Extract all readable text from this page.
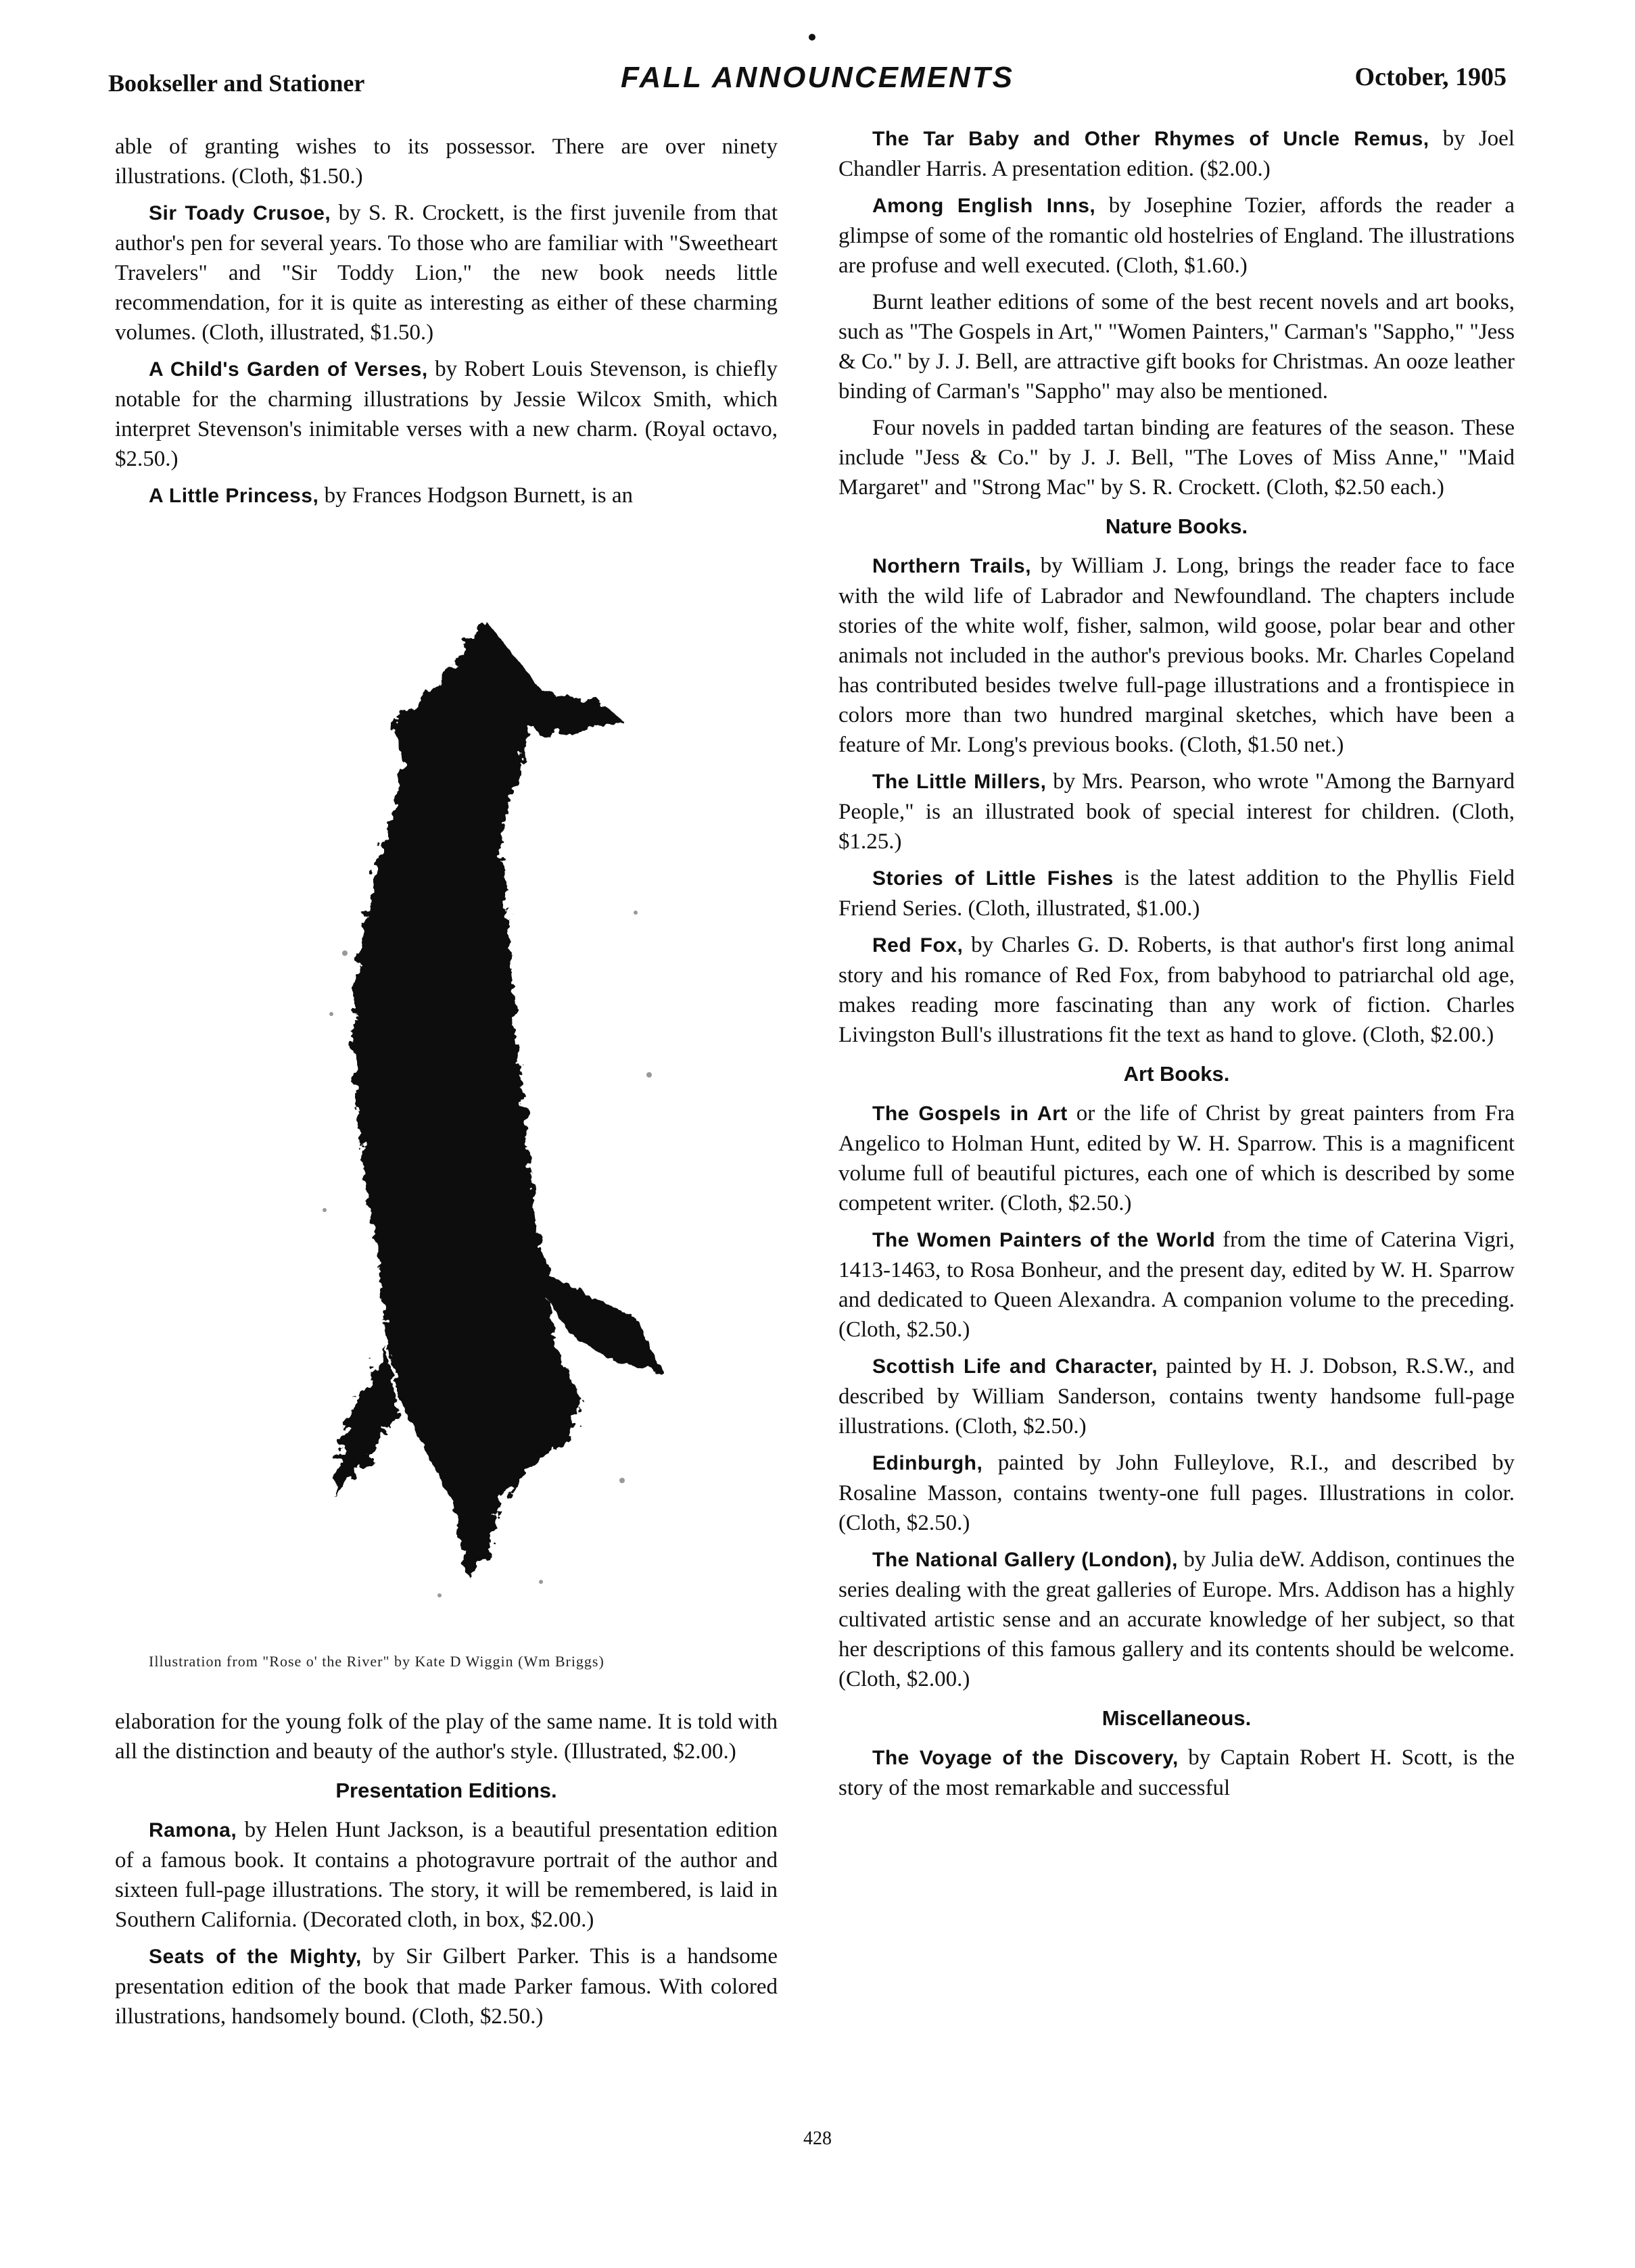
Bookseller and Stationer	FALL ANNOUNCEMENTS	October, 1905

able of granting wishes to its possessor. There are over ninety illustrations. (Cloth, $1.50.)

Sir Toady Crusoe, by S. R. Crockett, is the first juvenile from that author's pen for several years. To those who are familiar with "Sweetheart Travelers" and "Sir Toddy Lion," the new book needs little recommendation, for it is quite as interesting as either of these charming volumes. (Cloth, illustrated, $1.50.)

A Child's Garden of Verses, by Robert Louis Stevenson, is chiefly notable for the charming illustrations by Jessie Wilcox Smith, which interpret Stevenson's inimitable verses with a new charm. (Royal octavo, $2.50.)

A Little Princess, by Frances Hodgson Burnett, is an

Illustration from "Rose o' the River" by Kate D Wiggin (Wm Briggs)

elaboration for the young folk of the play of the same name. It is told with all the distinction and beauty of the author's style. (Illustrated, $2.00.)

Presentation Editions.

Ramona, by Helen Hunt Jackson, is a beautiful presentation edition of a famous book. It contains a photogravure portrait of the author and sixteen full-page illustrations. The story, it will be remembered, is laid in Southern California. (Decorated cloth, in box, $2.00.)

Seats of the Mighty, by Sir Gilbert Parker. This is a handsome presentation edition of the book that made Parker famous. With colored illustrations, handsomely bound. (Cloth, $2.50.)

The Tar Baby and Other Rhymes of Uncle Remus, by Joel Chandler Harris. A presentation edition. ($2.00.)

Among English Inns, by Josephine Tozier, affords the reader a glimpse of some of the romantic old hostelries of England. The illustrations are profuse and well executed. (Cloth, $1.60.)

Burnt leather editions of some of the best recent novels and art books, such as "The Gospels in Art," "Women Painters," Carman's "Sappho," "Jess & Co." by J. J. Bell, are attractive gift books for Christmas. An ooze leather binding of Carman's "Sappho" may also be mentioned.

Four novels in padded tartan binding are features of the season. These include "Jess & Co." by J. J. Bell, "The Loves of Miss Anne," "Maid Margaret" and "Strong Mac" by S. R. Crockett. (Cloth, $2.50 each.)

Nature Books.

Northern Trails, by William J. Long, brings the reader face to face with the wild life of Labrador and Newfoundland. The chapters include stories of the white wolf, fisher, salmon, wild goose, polar bear and other animals not included in the author's previous books. Mr. Charles Copeland has contributed besides twelve full-page illustrations and a frontispiece in colors more than two hundred marginal sketches, which have been a feature of Mr. Long's previous books. (Cloth, $1.50 net.)

The Little Millers, by Mrs. Pearson, who wrote "Among the Barnyard People," is an illustrated book of special interest for children. (Cloth, $1.25.)

Stories of Little Fishes is the latest addition to the Phyllis Field Friend Series. (Cloth, illustrated, $1.00.)

Red Fox, by Charles G. D. Roberts, is that author's first long animal story and his romance of Red Fox, from babyhood to patriarchal old age, makes reading more fascinating than any work of fiction. Charles Livingston Bull's illustrations fit the text as hand to glove. (Cloth, $2.00.)

Art Books.

The Gospels in Art or the life of Christ by great painters from Fra Angelico to Holman Hunt, edited by W. H. Sparrow. This is a magnificent volume full of beautiful pictures, each one of which is described by some competent writer. (Cloth, $2.50.)

The Women Painters of the World from the time of Caterina Vigri, 1413-1463, to Rosa Bonheur, and the present day, edited by W. H. Sparrow and dedicated to Queen Alexandra. A companion volume to the preceding. (Cloth, $2.50.)

Scottish Life and Character, painted by H. J. Dobson, R.S.W., and described by William Sanderson, contains twenty handsome full-page illustrations. (Cloth, $2.50.)

Edinburgh, painted by John Fulleylove, R.I., and described by Rosaline Masson, contains twenty-one full pages. Illustrations in color. (Cloth, $2.50.)

The National Gallery (London), by Julia deW. Addison, continues the series dealing with the great galleries of Europe. Mrs. Addison has a highly cultivated artistic sense and an accurate knowledge of her subject, so that her descriptions of this famous gallery and its contents should be welcome. (Cloth, $2.00.)

Miscellaneous.

The Voyage of the Discovery, by Captain Robert H. Scott, is the story of the most remarkable and successful

428
